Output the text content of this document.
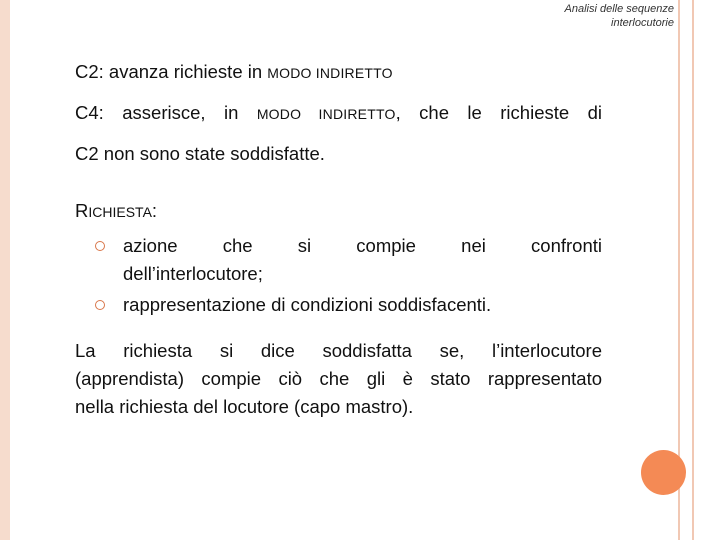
Analisi delle sequenze
interlocutorie

C2: avanza richieste in MODO INDIRETTO

C4: asserisce, in MODO INDIRETTO, che le richieste di

C2 non sono state soddisfatte.

RICHIESTA:

azione che si compie nei confronti
dell’interlocutore;
rappresentazione di condizioni soddisfacenti.
La richiesta si dice soddisfatta se, l’interlocutore
(apprendista) compie ciò che gli è stato rappresentato
nella richiesta del locutore (capo mastro).
